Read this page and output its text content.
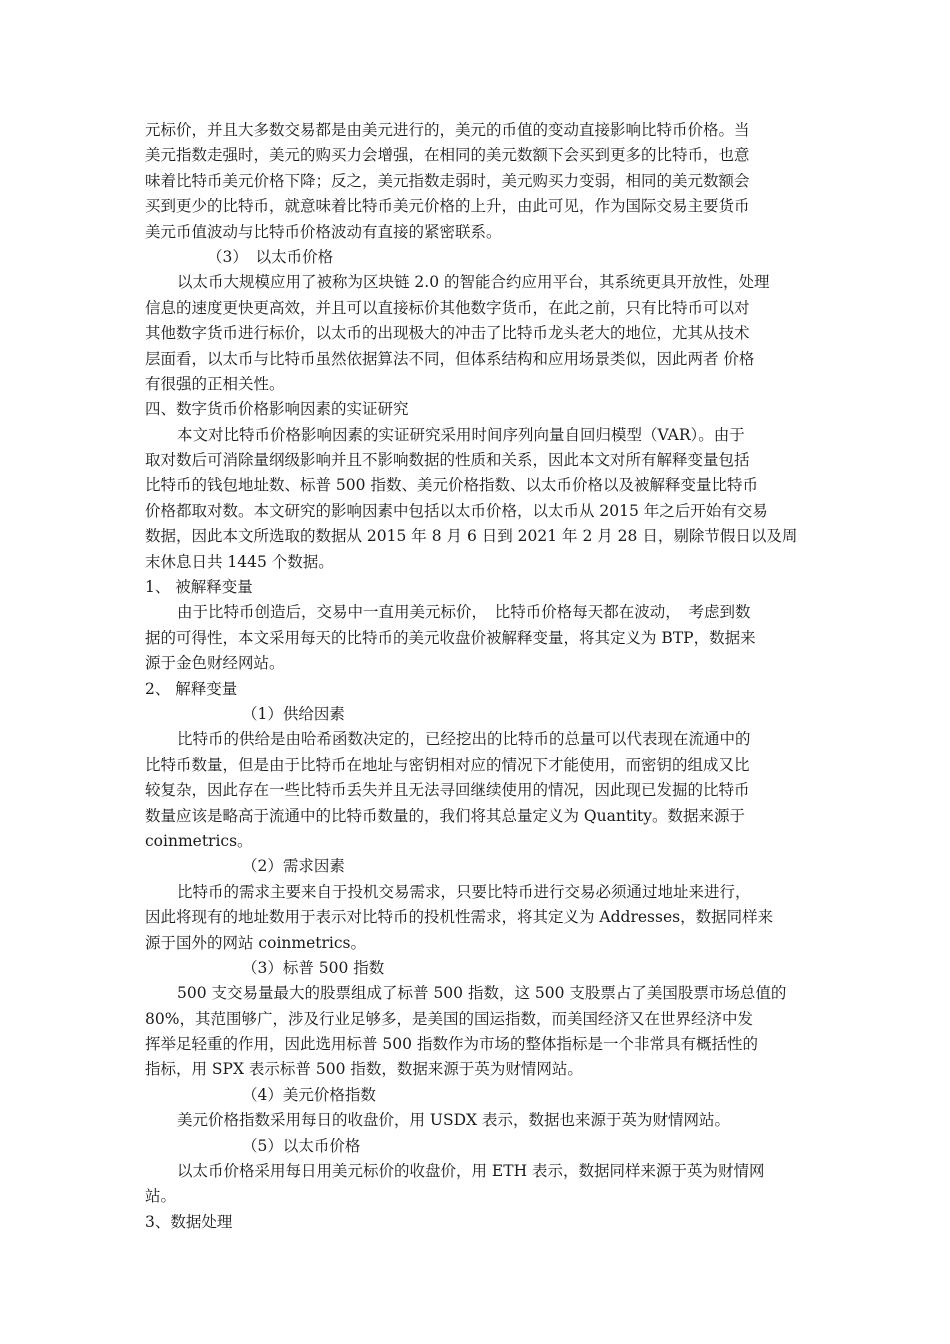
元标价，并且大多数交易都是由美元进行的，美元的币值的变动直接影响比特币价格。当
美元指数走强时，美元的购买力会增强，在相同的美元数额下会买到更多的比特币，也意
味着比特币美元价格下降；反之，美元指数走弱时，美元购买力变弱，相同的美元数额会
买到更少的比特币，就意味着比特币美元价格的上升，由此可见，作为国际交易主要货币
美元币值波动与比特币价格波动有直接的紧密联系。
（3）　以太币价格
以太币大规模应用了被称为区块链 2.0 的智能合约应用平台，其系统更具开放性，处理
信息的速度更快更高效，并且可以直接标价其他数字货币，在此之前，只有比特币可以对
其他数字货币进行标价，以太币的出现极大的冲击了比特币龙头老大的地位，尤其从技术
层面看，以太币与比特币虽然依据算法不同，但体系结构和应用场景类似，因此两者 价格
有很强的正相关性。
四、数字货币价格影响因素的实证研究
本文对比特币价格影响因素的实证研究采用时间序列向量自回归模型（VAR）。由于
取对数后可消除量纲级影响并且不影响数据的性质和关系，因此本文对所有解释变量包括
比特币的钱包地址数、标普 500 指数、美元价格指数、以太币价格以及被解释变量比特币
价格都取对数。本文研究的影响因素中包括以太币价格，以太币从 2015 年之后开始有交易
数据，因此本文所选取的数据从 2015 年 8 月 6 日到 2021 年 2 月 28 日，剔除节假日以及周
末休息日共 1445 个数据。
1、 被解释变量
由于比特币创造后，交易中一直用美元标价，　比特币价格每天都在波动，　考虑到数
据的可得性，本文采用每天的比特币的美元收盘价被解释变量，将其定义为 BTP，数据来
源于金色财经网站。
2、 解释变量
（1）供给因素
比特币的供给是由哈希函数决定的，已经挖出的比特币的总量可以代表现在流通中的
比特币数量，但是由于比特币在地址与密钥相对应的情况下才能使用，而密钥的组成又比
较复杂，因此存在一些比特币丢失并且无法寻回继续使用的情况，因此现已发掘的比特币
数量应该是略高于流通中的比特币数量的，我们将其总量定义为 Quantity。数据来源于
coinmetrics。
（2）需求因素
比特币的需求主要来自于投机交易需求，只要比特币进行交易必须通过地址来进行，
因此将现有的地址数用于表示对比特币的投机性需求，将其定义为 Addresses，数据同样来
源于国外的网站 coinmetrics。
（3）标普 500 指数
500 支交易量最大的股票组成了标普 500 指数，这 500 支股票占了美国股票市场总值的
80%，其范围够广，涉及行业足够多，是美国的国运指数，而美国经济又在世界经济中发
挥举足轻重的作用，因此选用标普 500 指数作为市场的整体指标是一个非常具有概括性的
指标，用 SPX 表示标普 500 指数，数据来源于英为财情网站。
（4）美元价格指数
美元价格指数采用每日的收盘价，用 USDX 表示，数据也来源于英为财情网站。
（5）以太币价格
以太币价格采用每日用美元标价的收盘价，用 ETH 表示，数据同样来源于英为财情网
站。
3、数据处理
